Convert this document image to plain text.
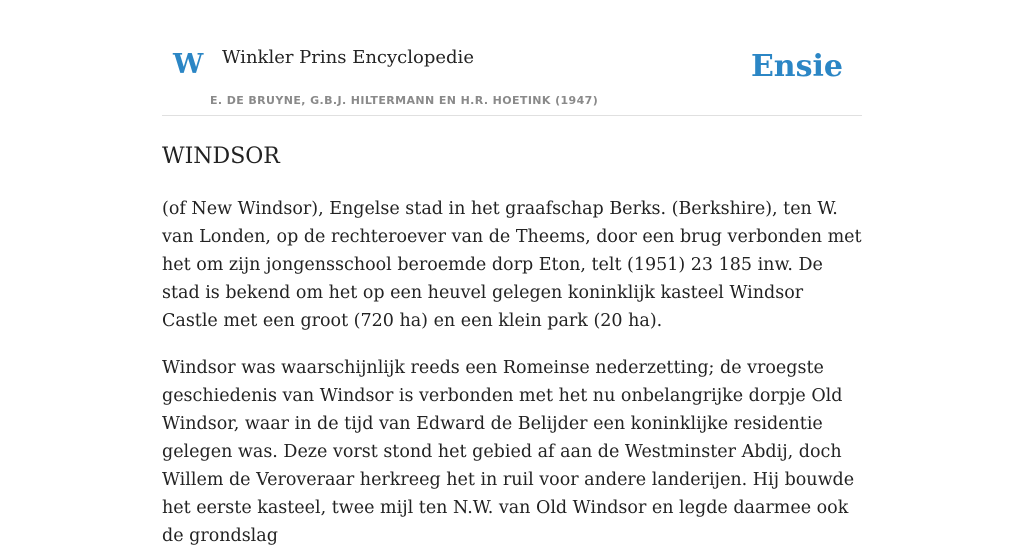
W Winkler Prins Encyclopedie
E. DE BRUYNE, G.B.J. HILTERMANN EN H.R. HOETINK (1947)
Ensie
WINDSOR

(of New Windsor), Engelse stad in het graafschap Berks. (Berkshire), ten W. van Londen, op de rechteroever van de Theems, door een brug verbonden met het om zijn jongensschool beroemde dorp Eton, telt (1951) 23 185 inw. De stad is bekend om het op een heuvel gelegen koninklijk kasteel Windsor Castle met een groot (720 ha) en een klein park (20 ha).

Windsor was waarschijnlijk reeds een Romeinse nederzetting; de vroegste geschiedenis van Windsor is verbonden met het nu onbelangrijke dorpje Old Windsor, waar in de tijd van Edward de Belijder een koninklijke residentie gelegen was. Deze vorst stond het gebied af aan de Westminster Abdij, doch Willem de Veroveraar herkreeg het in ruil voor andere landerijen. Hij bouwde het eerste kasteel, twee mijl ten N.W. van Old Windsor en legde daarmee ook de grondslag
